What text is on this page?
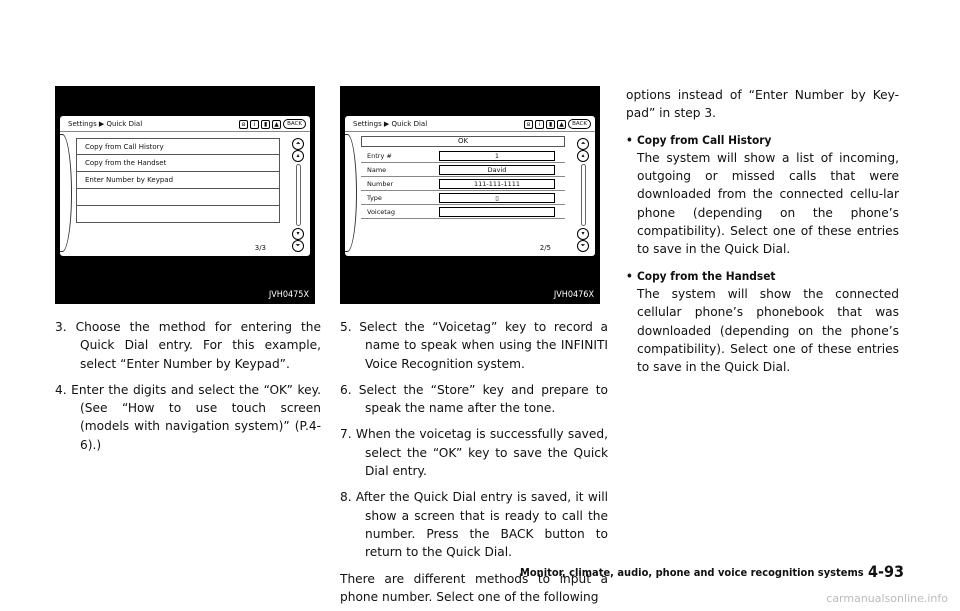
Settings ▶ Quick Dial	ʙ	i	▮	▲	BACK
Copy from Call History
Copy from the Handset
Enter Number by Keypad
3/3
⏶
▴
▾
⏷
JVH0475X
Settings ▶ Quick Dial	ʙ	i	▮	▲	BACK
OK
Entry #	1
Name	David
Number	111-111-1111
Type	▯
Voicetag
2/5
⏶
▴
▾
⏷
JVH0476X

3. Choose the method for entering the Quick Dial entry. For this example, select “Enter Number by Keypad”.

4. Enter the digits and select the “OK” key. (See “How to use touch screen (models with navigation system)” (P.4-6).)

5. Select the “Voicetag” key to record a name to speak when using the INFINITI Voice Recognition system.

6. Select the “Store” key and prepare to speak the name after the tone.

7. When the voicetag is successfully saved, select the “OK” key to save the Quick Dial entry.

8. After the Quick Dial entry is saved, it will show a screen that is ready to call the number. Press the BACK button to return to the Quick Dial.

There are different methods to input a phone number. Select one of the following

options instead of “Enter Number by Key-pad” in step 3.

• Copy from Call History

The system will show a list of incoming, outgoing or missed calls that were downloaded from the connected cellu-lar phone (depending on the phone’s compatibility). Select one of these entries to save in the Quick Dial.

• Copy from the Handset

The system will show the connected cellular phone’s phonebook that was downloaded (depending on the phone’s compatibility). Select one of these entries to save in the Quick Dial.

Monitor, climate, audio, phone and voice recognition systems 4-93
carmanualsonline.info
